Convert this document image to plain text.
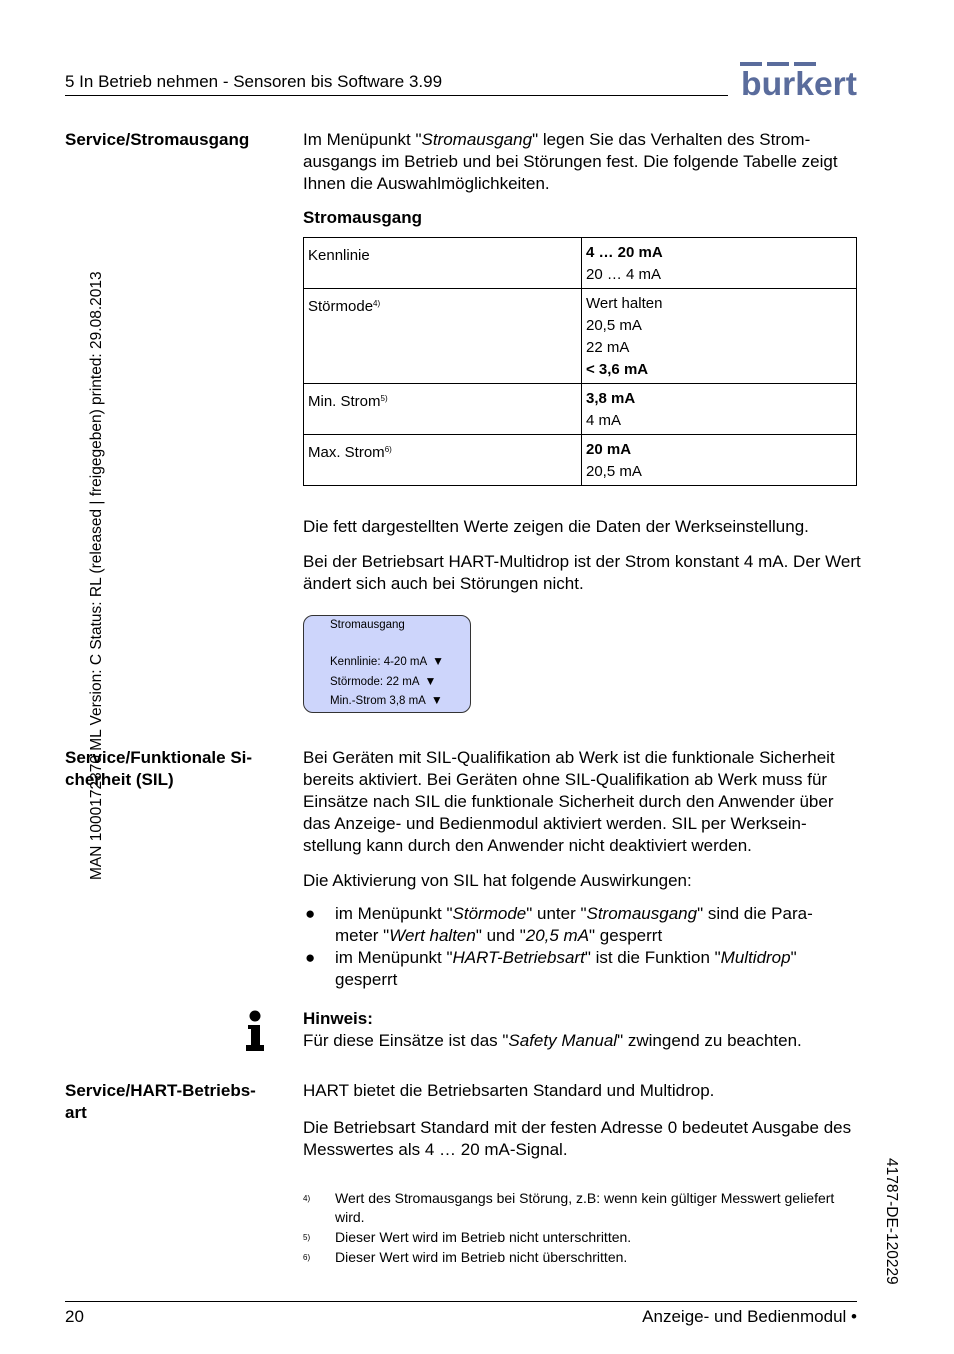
5 In Betrieb nehmen - Sensoren bis Software 3.99	burkert
MAN 1000172370 ML Version: C Status: RL (released | freigegeben) printed: 29.08.2013
41787-DE-120229
Service/Stromausgang	Im Menüpunkt "Stromausgang" legen Sie das Verhalten des Strom-ausgangs im Betrieb und bei Störungen fest. Die folgende Tabelle zeigt Ihnen die Auswahlmöglichkeiten.
Stromausgang
Kennlinie	4 … 20 mA
20 … 4 mA

Störmode$^{4)}$	Wert halten
20,5 mA
22 mA
< 3,6 mA

Min. Strom$^{5)}$	3,8 mA
4 mA

Max. Strom$^{6)}$	20 mA
20,5 mA
Die fett dargestellten Werte zeigen die Daten der Werkseinstellung.
Bei der Betriebsart HART-Multidrop ist der Strom konstant 4 mA. Der Wert ändert sich auch bei Störungen nicht.
Stromausgang
Kennlinie: 4-20 mA ▼
Störmode: 22 mA ▼
Min.-Strom 3,8 mA ▼
Service/Funktionale Si-cherheit (SIL)
Bei Geräten mit SIL-Qualifikation ab Werk ist die funktionale Sicherheit bereits aktiviert. Bei Geräten ohne SIL-Qualifikation ab Werk muss für Einsätze nach SIL die funktionale Sicherheit durch den Anwender über das Anzeige- und Bedienmodul aktiviert werden. SIL per Werksein-stellung kann durch den Anwender nicht deaktiviert werden.
Die Aktivierung von SIL hat folgende Auswirkungen:
● im Menüpunkt "Störmode" unter "Stromausgang" sind die Para-meter "Wert halten" und "20,5 mA" gesperrt
● im Menüpunkt "HART-Betriebsart" ist die Funktion "Multidrop" gesperrt
Hinweis:
Für diese Einsätze ist das "Safety Manual" zwingend zu beachten.
Service/HART-Betriebs-art
HART bietet die Betriebsarten Standard und Multidrop.
Die Betriebsart Standard mit der festen Adresse 0 bedeutet Ausgabe des Messwertes als 4 … 20 mA-Signal.
4) Wert des Stromausgangs bei Störung, z.B: wenn kein gültiger Messwert geliefert wird.
5) Dieser Wert wird im Betrieb nicht unterschritten.
6) Dieser Wert wird im Betrieb nicht überschritten.
20	Anzeige- und Bedienmodul •
